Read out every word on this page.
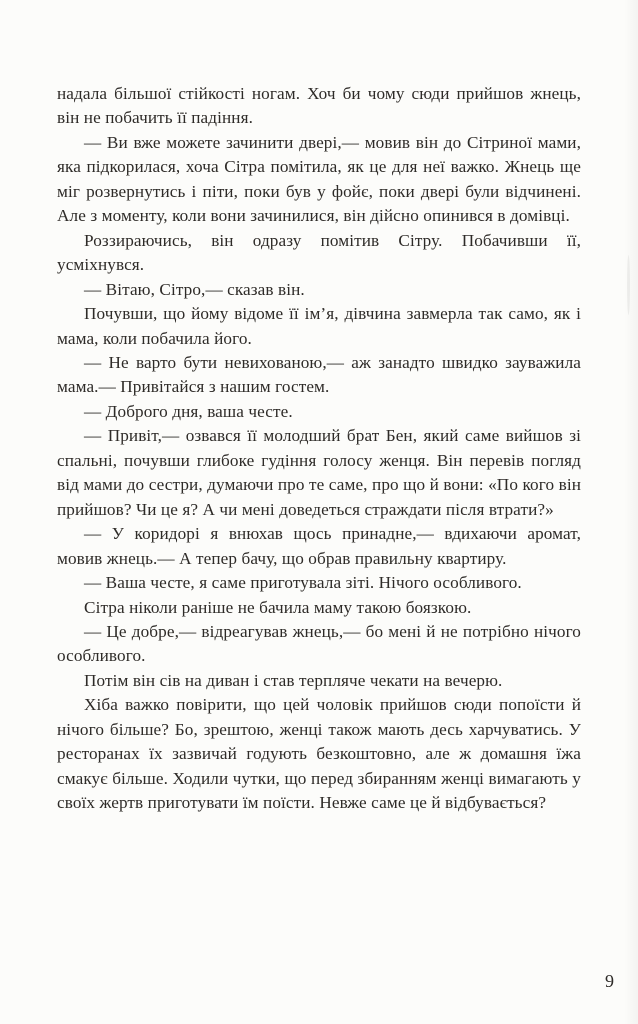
надала більшої стійкості ногам. Хоч би чому сюди прийшов жнець, він не побачить її падіння.

— Ви вже можете зачинити двері,— мовив він до Сітриної мами, яка підкорилася, хоча Сітра помітила, як це для неї важко. Жнець ще міг розвернутись і піти, поки був у фойє, поки двері були відчинені. Але з моменту, коли вони зачинилися, він дійсно опинився в домівці.

Роззираючись, він одразу помітив Сітру. Побачивши її, усміхнувся.

— Вітаю, Сітро,— сказав він.

Почувши, що йому відоме її ім’я, дівчина завмерла так само, як і мама, коли побачила його.

— Не варто бути невихованою,— аж занадто швидко зауважила мама.— Привітайся з нашим гостем.

— Доброго дня, ваша честе.

— Привіт,— озвався її молодший брат Бен, який саме вийшов зі спальні, почувши глибоке гудіння голосу женця. Він перевів погляд від мами до сестри, думаючи про те саме, про що й вони: «По кого він прийшов? Чи це я? А чи мені доведеться страждати після втрати?»

— У коридорі я внюхав щось принадне,— вдихаючи аромат, мовив жнець.— А тепер бачу, що обрав правильну квартиру.

— Ваша честе, я саме приготувала зіті. Нічого особливого.

Сітра ніколи раніше не бачила маму такою боязкою.

— Це добре,— відреагував жнець,— бо мені й не потрібно нічого особливого.

Потім він сів на диван і став терпляче чекати на вечерю.

Хіба важко повірити, що цей чоловік прийшов сюди попоїсти й нічого більше? Бо, зрештою, женці також мають десь харчуватись. У ресторанах їх зазвичай годують безкоштовно, але ж домашня їжа смакує більше. Ходили чутки, що перед збиранням женці вимагають у своїх жертв приготувати їм поїсти. Невже саме це й відбувається?

9
